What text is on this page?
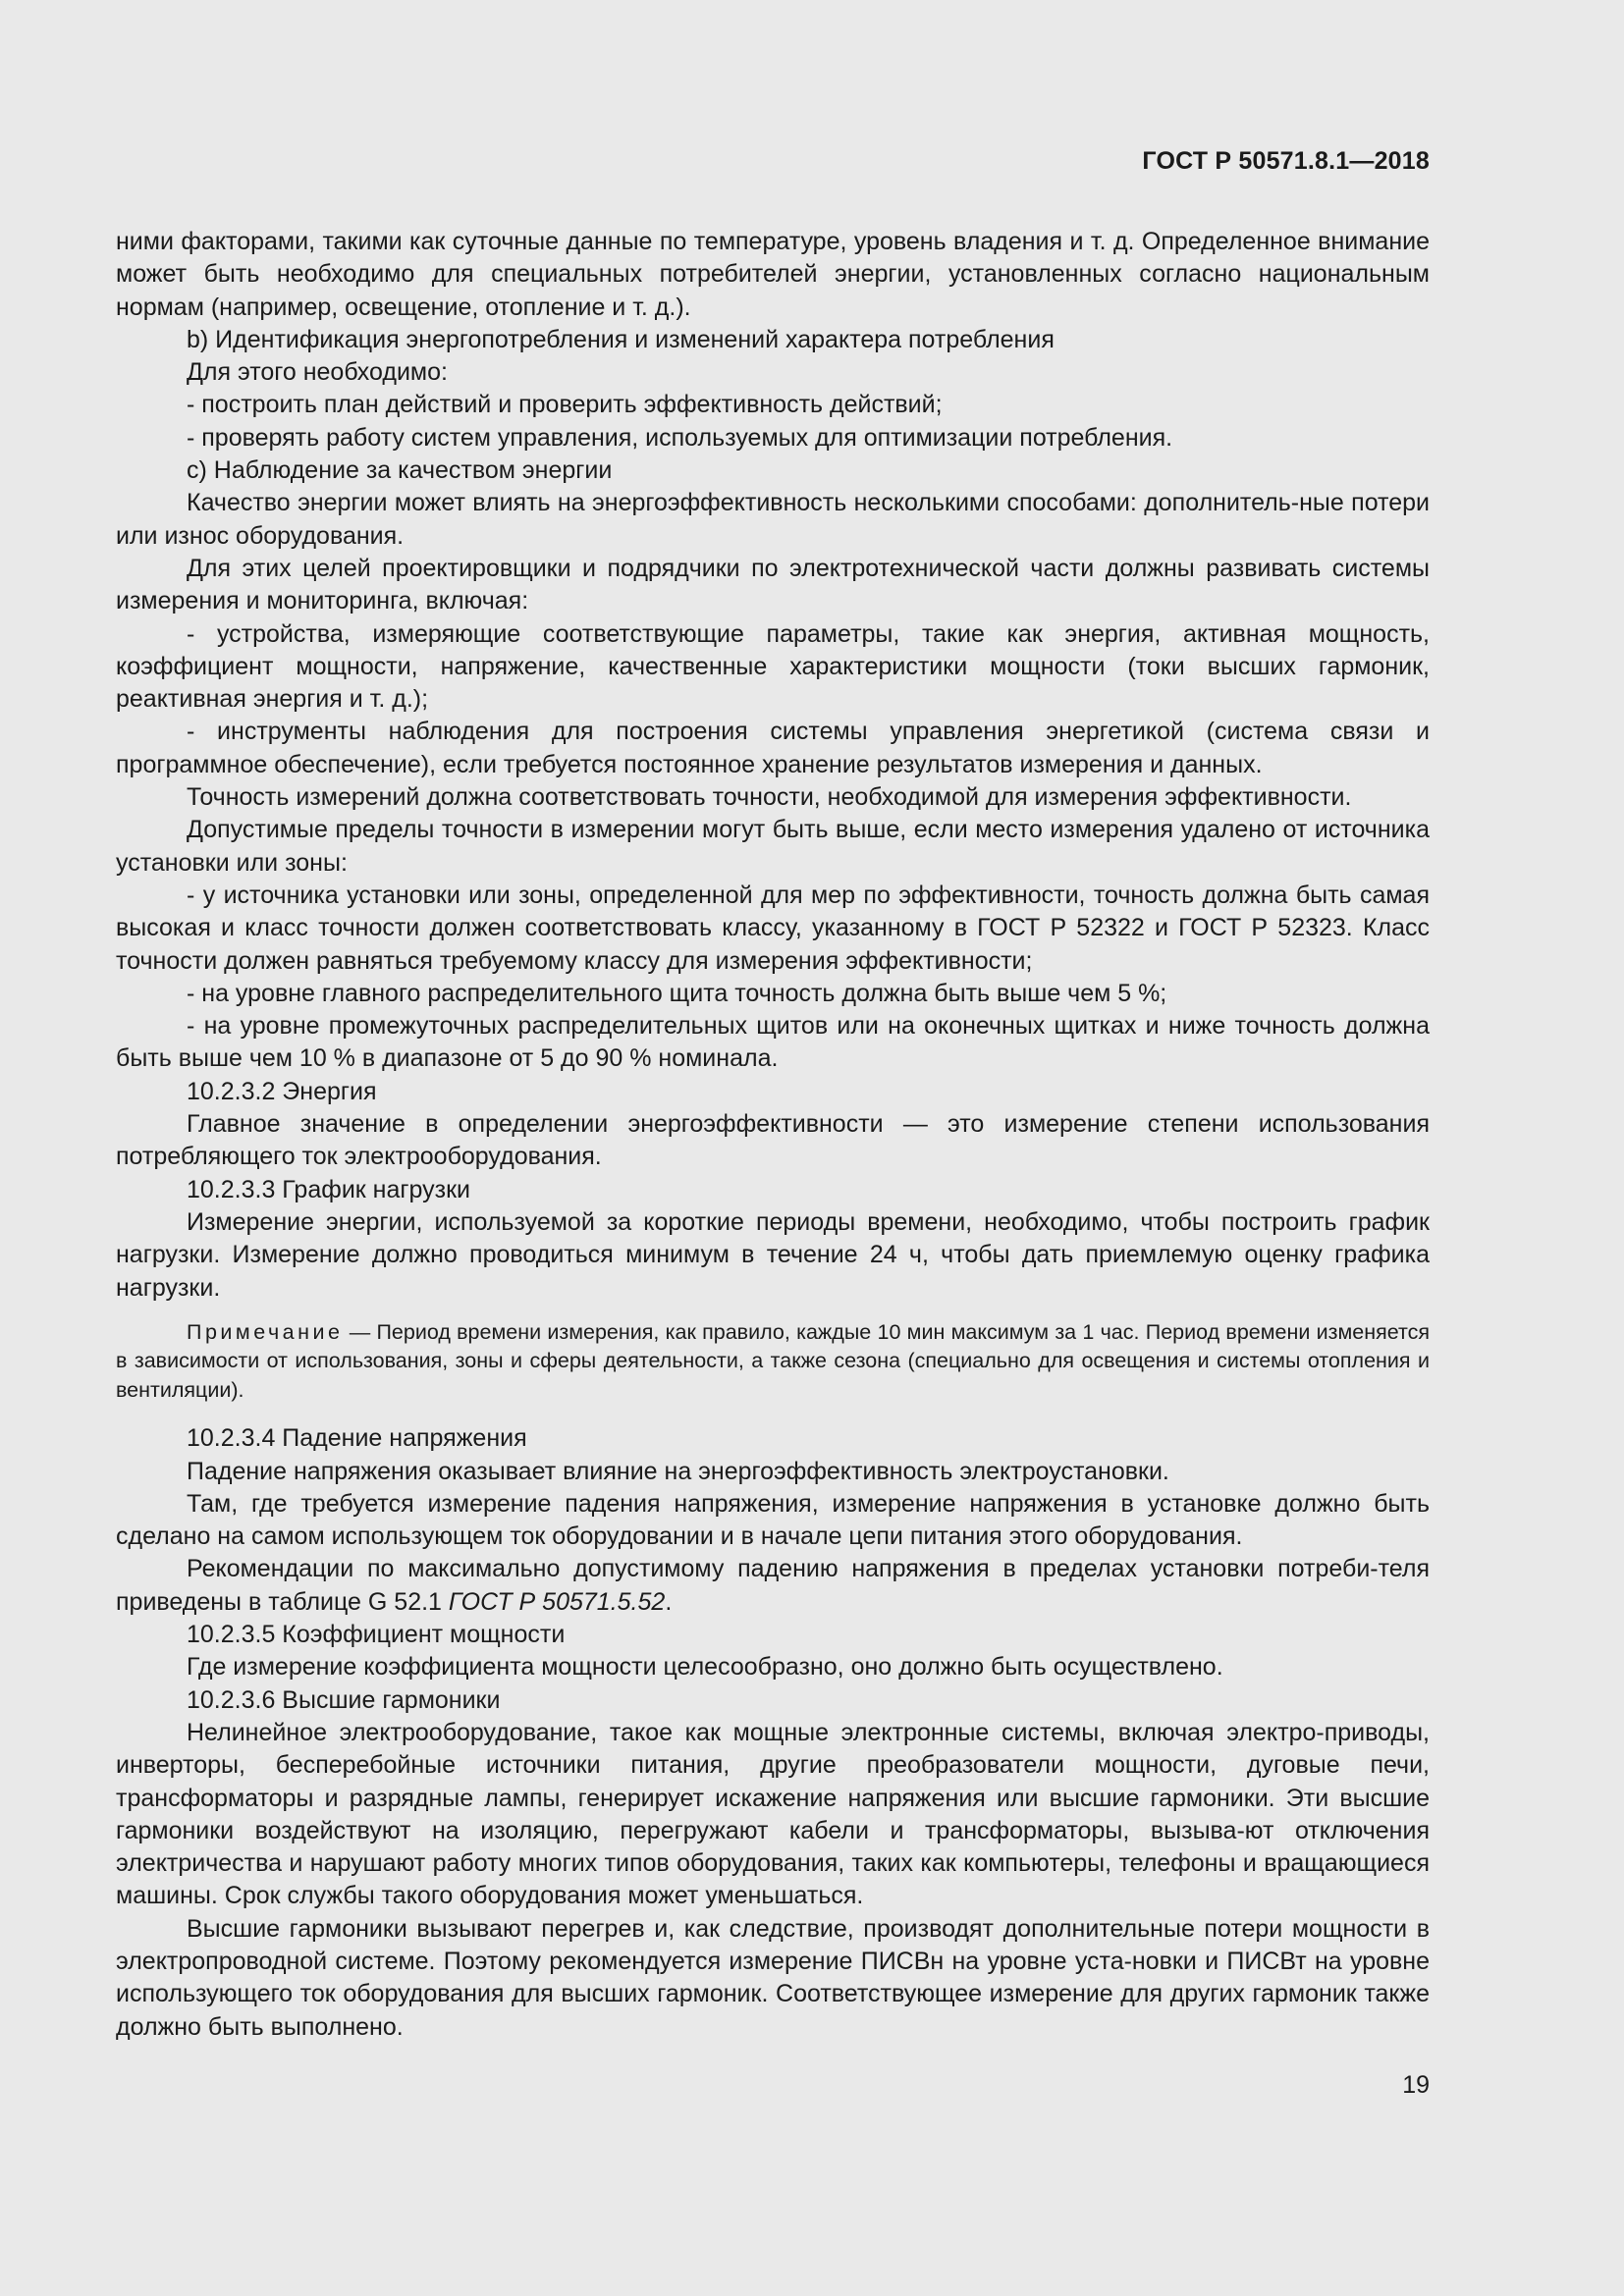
ГОСТ Р 50571.8.1—2018

ними факторами, такими как суточные данные по температуре, уровень владения и т. д. Определенное внимание может быть необходимо для специальных потребителей энергии, установленных согласно национальным нормам (например, освещение, отопление и т. д.).

b) Идентификация энергопотребления и изменений характера потребления

Для этого необходимо:

- построить план действий и проверить эффективность действий;

- проверять работу систем управления, используемых для оптимизации потребления.

c) Наблюдение за качеством энергии

Качество энергии может влиять на энергоэффективность несколькими способами: дополнитель-ные потери или износ оборудования.

Для этих целей проектировщики и подрядчики по электротехнической части должны развивать системы измерения и мониторинга, включая:

- устройства, измеряющие соответствующие параметры, такие как энергия, активная мощность, коэффициент мощности, напряжение, качественные характеристики мощности (токи высших гармоник, реактивная энергия и т. д.);

- инструменты наблюдения для построения системы управления энергетикой (система связи и программное обеспечение), если требуется постоянное хранение результатов измерения и данных.

Точность измерений должна соответствовать точности, необходимой для измерения эффективности.

Допустимые пределы точности в измерении могут быть выше, если место измерения удалено от источника установки или зоны:

- у источника установки или зоны, определенной для мер по эффективности, точность должна быть самая высокая и класс точности должен соответствовать классу, указанному в ГОСТ Р 52322 и ГОСТ Р 52323. Класс точности должен равняться требуемому классу для измерения эффективности;

- на уровне главного распределительного щита точность должна быть выше чем 5 %;

- на уровне промежуточных распределительных щитов или на оконечных щитках и ниже точность должна быть выше чем 10 % в диапазоне от 5 до 90 % номинала.

10.2.3.2 Энергия

Главное значение в определении энергоэффективности — это измерение степени использования потребляющего ток электрооборудования.

10.2.3.3 График нагрузки

Измерение энергии, используемой за короткие периоды времени, необходимо, чтобы построить график нагрузки. Измерение должно проводиться минимум в течение 24 ч, чтобы дать приемлемую оценку графика нагрузки.

Примечание — Период времени измерения, как правило, каждые 10 мин максимум за 1 час. Период времени изменяется в зависимости от использования, зоны и сферы деятельности, а также сезона (специально для освещения и системы отопления и вентиляции).

10.2.3.4 Падение напряжения

Падение напряжения оказывает влияние на энергоэффективность электроустановки.

Там, где требуется измерение падения напряжения, измерение напряжения в установке должно быть сделано на самом использующем ток оборудовании и в начале цепи питания этого оборудования.

Рекомендации по максимально допустимому падению напряжения в пределах установки потреби-теля приведены в таблице G 52.1 ГОСТ Р 50571.5.52.

10.2.3.5 Коэффициент мощности

Где измерение коэффициента мощности целесообразно, оно должно быть осуществлено.

10.2.3.6 Высшие гармоники

Нелинейное электрооборудование, такое как мощные электронные системы, включая электро-приводы, инверторы, бесперебойные источники питания, другие преобразователи мощности, дуговые печи, трансформаторы и разрядные лампы, генерирует искажение напряжения или высшие гармоники. Эти высшие гармоники воздействуют на изоляцию, перегружают кабели и трансформаторы, вызыва-ют отключения электричества и нарушают работу многих типов оборудования, таких как компьютеры, телефоны и вращающиеся машины. Срок службы такого оборудования может уменьшаться.

Высшие гармоники вызывают перегрев и, как следствие, производят дополнительные потери мощности в электропроводной системе. Поэтому рекомендуется измерение ПИСВн на уровне уста-новки и ПИСВт на уровне использующего ток оборудования для высших гармоник. Соответствующее измерение для других гармоник также должно быть выполнено.

19
